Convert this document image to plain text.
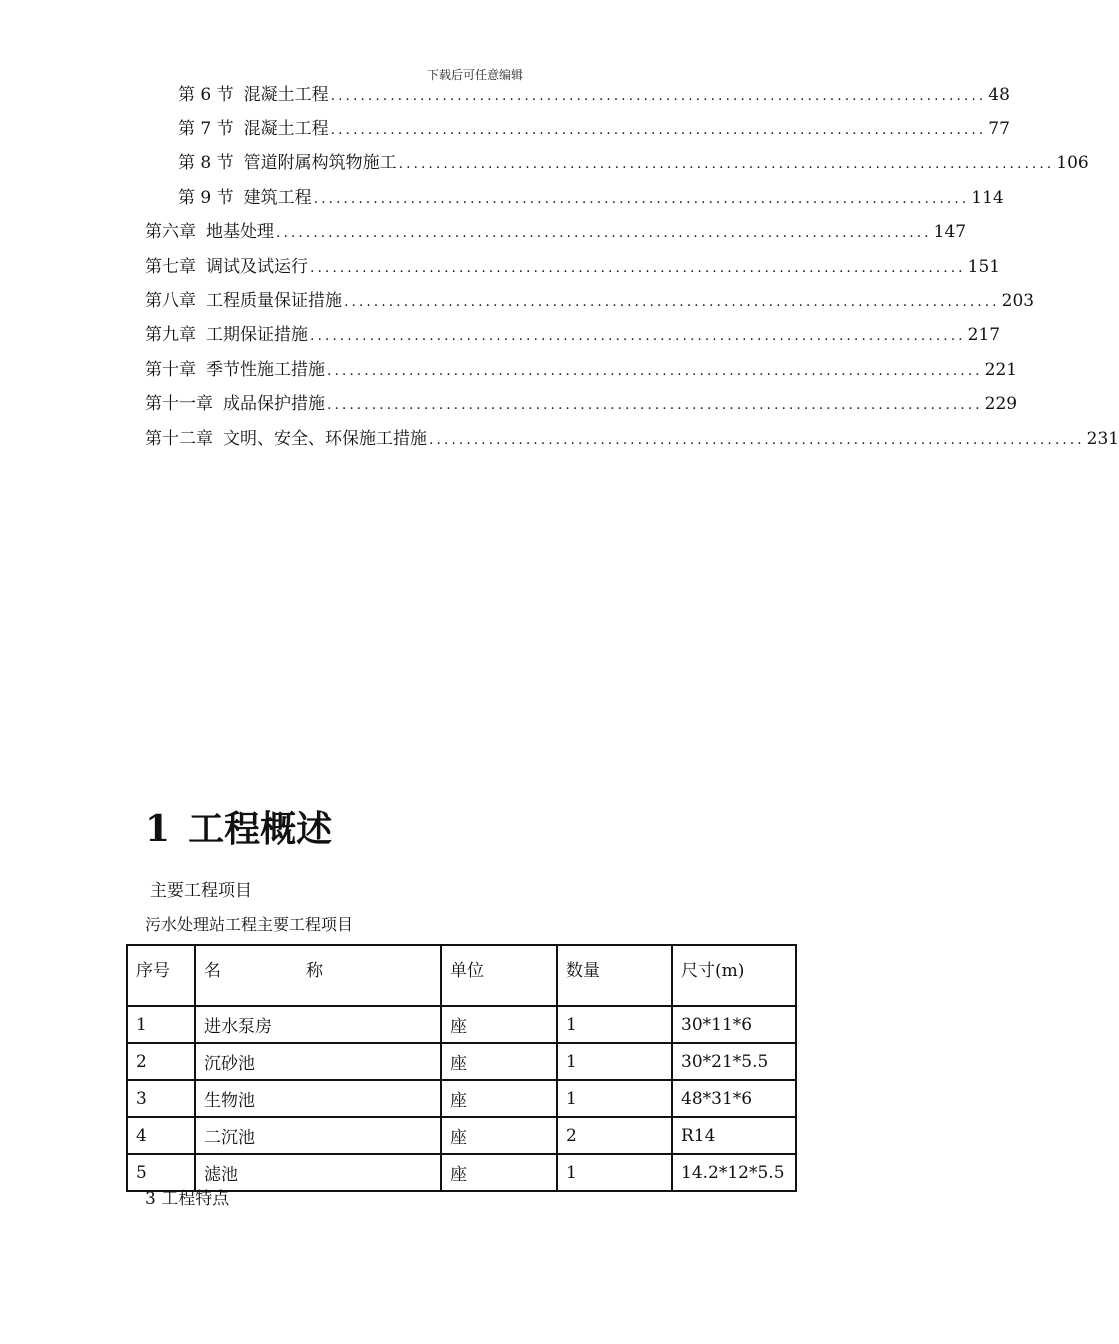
下载后可任意编辑
第 6 节 混凝土工程 ........................................................................................ 48
第 7 节 混凝土工程 ........................................................................................ 77
第 8 节 管道附属构筑物施工 ........................................................................................ 106
第 9 节 建筑工程 ........................................................................................ 114
第六章 地基处理 ........................................................................................ 147
第七章 调试及试运行 ........................................................................................ 151
第八章 工程质量保证措施 ........................................................................................ 203
第九章 工期保证措施 ........................................................................................ 217
第十章 季节性施工措施 ........................................................................................ 221
第十一章 成品保护措施 ........................................................................................ 229
第十二章 文明、安全、环保施工措施 ........................................................................................ 231
1 工程概述
主要工程项目
污水处理站工程主要工程项目
序号	名　　　　　称	单位	数量	尺寸(m)
1	进水泵房	座	1	30*11*6
2	沉砂池	座	1	30*21*5.5
3	生物池	座	1	48*31*6
4	二沉池	座	2	R14
5	滤池	座	1	14.2*12*5.5
3 工程特点
